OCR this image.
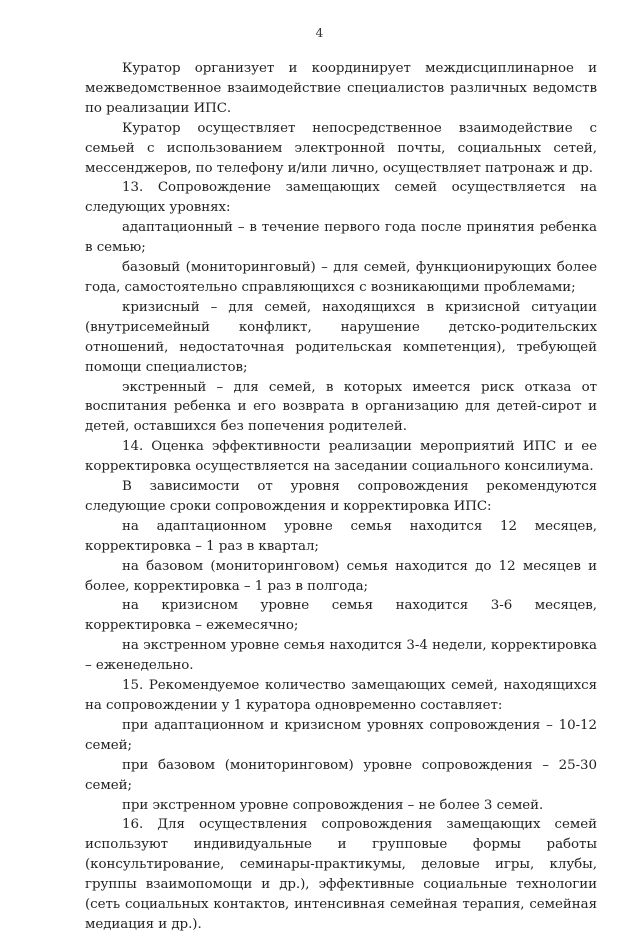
4

Куратор организует и координирует междисциплинарное и межведомственное взаимодействие специалистов различных ведомств по реализации ИПС.

Куратор осуществляет непосредственное взаимодействие с семьей с использованием электронной почты, социальных сетей, мессенджеров, по телефону и/или лично, осуществляет патронаж и др.

13. Сопровождение замещающих семей осуществляется на следующих уровнях:

адаптационный – в течение первого года после принятия ребенка в семью;

базовый (мониторинговый) – для семей, функционирующих более года, самостоятельно справляющихся с возникающими проблемами;

кризисный – для семей, находящихся в кризисной ситуации (внутрисемейный конфликт, нарушение детско-родительских отношений, недостаточная родительская компетенция), требующей помощи специалистов;

экстренный – для семей, в которых имеется риск отказа от воспитания ребенка и его возврата в организацию для детей-сирот и детей, оставшихся без попечения родителей.

14. Оценка эффективности реализации мероприятий ИПС и ее корректировка осуществляется на заседании социального консилиума.

В зависимости от уровня сопровождения рекомендуются следующие сроки сопровождения и корректировка ИПС:

на адаптационном уровне семья находится 12 месяцев, корректировка – 1 раз в квартал;

на базовом (мониторинговом) семья находится до 12 месяцев и более, корректировка – 1 раз в полгода;

на кризисном уровне семья находится 3-6 месяцев, корректировка – ежемесячно;

на экстренном уровне семья находится 3-4 недели, корректировка – еженедельно.

15. Рекомендуемое количество замещающих семей, находящихся на сопровождении у 1 куратора одновременно составляет:

при адаптационном и кризисном уровнях сопровождения – 10-12 семей;

при базовом (мониторинговом) уровне сопровождения – 25-30 семей;

при экстренном уровне сопровождения – не более 3 семей.

16. Для осуществления сопровождения замещающих семей используют индивидуальные и групповые формы работы (консультирование, семинары-практикумы, деловые игры, клубы, группы взаимопомощи и др.), эффективные социальные технологии (сеть социальных контактов, интенсивная семейная терапия, семейная медиация и др.).
